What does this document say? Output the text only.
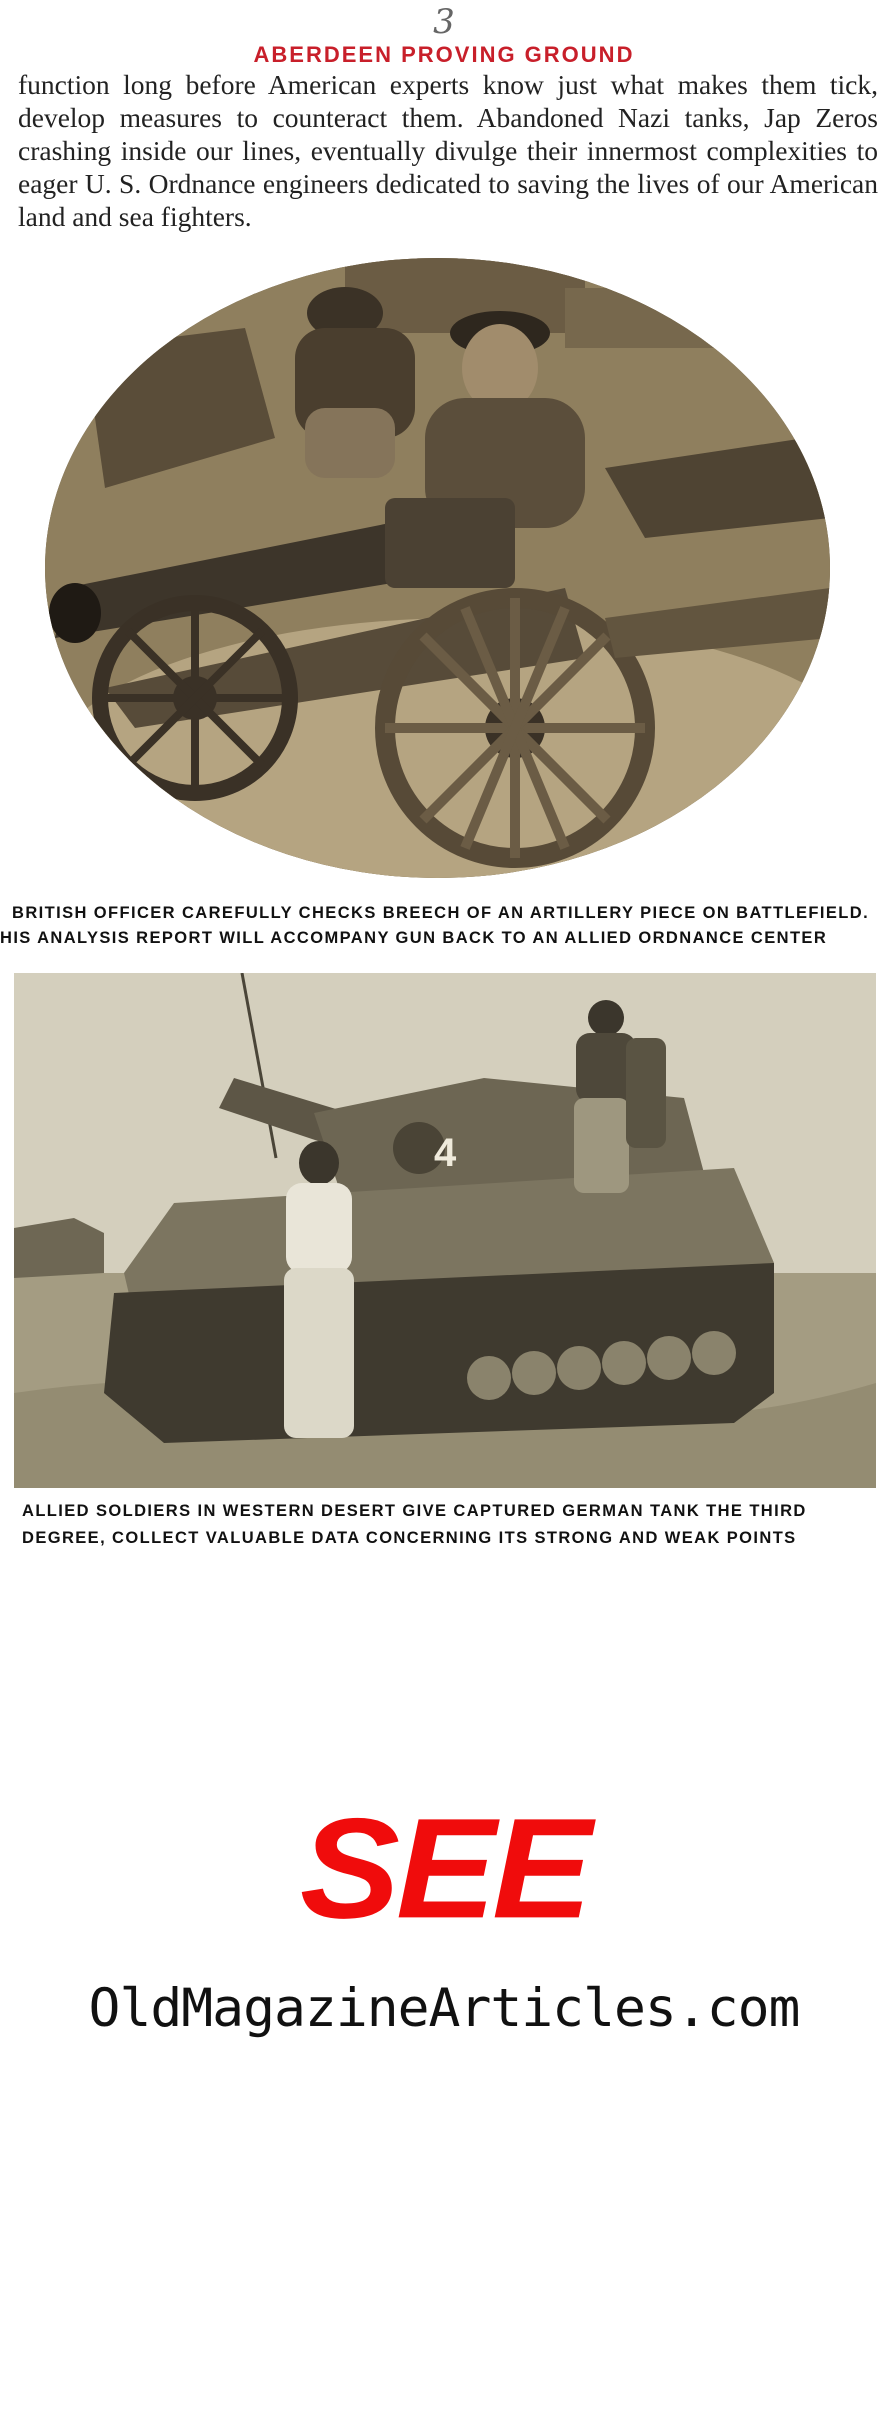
3
ABERDEEN PROVING GROUND

function long before American experts know just what makes them tick, develop measures to counteract them. Abandoned Nazi tanks, Jap Zeros crashing inside our lines, eventually divulge their innermost complexities to eager U. S. Ordnance engineers dedicated to saving the lives of our American land and sea fighters.

BRITISH OFFICER CAREFULLY CHECKS BREECH OF AN ARTILLERY PIECE ON BATTLEFIELD.
HIS ANALYSIS REPORT WILL ACCOMPANY GUN BACK TO AN ALLIED ORDNANCE CENTER
4
ALLIED SOLDIERS IN WESTERN DESERT GIVE CAPTURED GERMAN TANK THE THIRD
DEGREE, COLLECT VALUABLE DATA CONCERNING ITS STRONG AND WEAK POINTS
SEE
OldMagazineArticles.com
